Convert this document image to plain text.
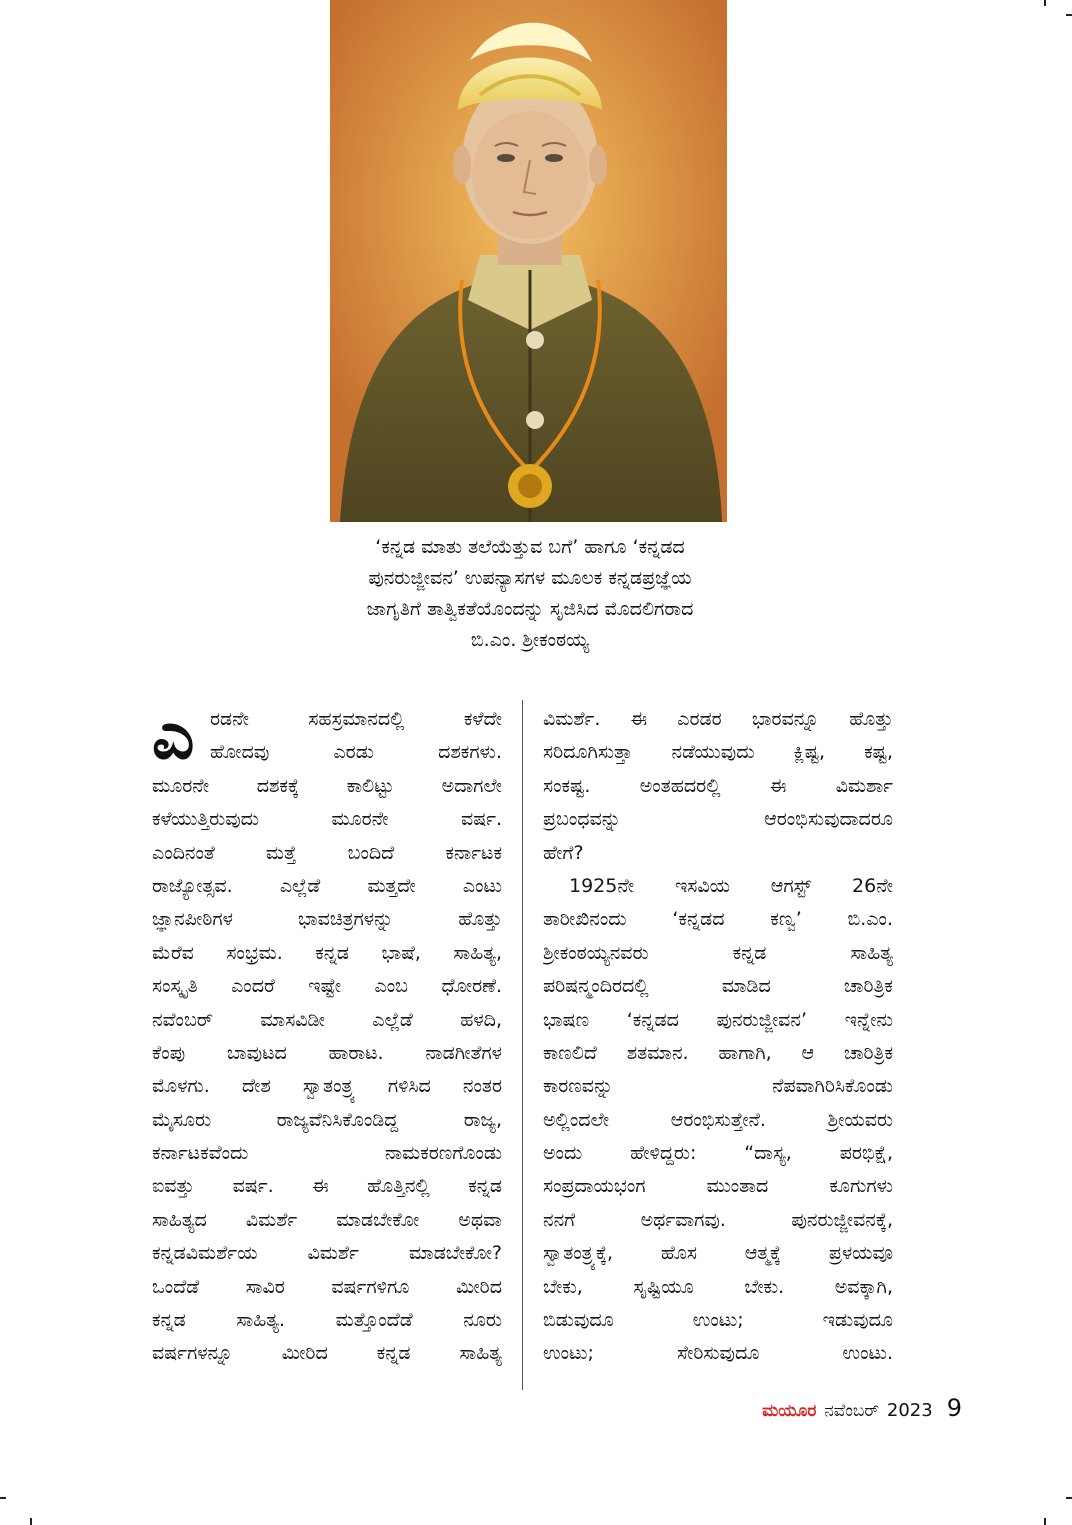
‘ಕನ್ನಡ ಮಾತು ತಲೆಯೆತ್ತುವ ಬಗೆ’ ಹಾಗೂ ‘ಕನ್ನಡದ
ಪುನರುಜ್ಜೀವನ’ ಉಪನ್ಯಾಸಗಳ ಮೂಲಕ ಕನ್ನಡಪ್ರಜ್ಞೆಯ
ಜಾಗೃತಿಗೆ ತಾತ್ವಿಕತೆಯೊಂದನ್ನು ಸೃಜಿಸಿದ ಮೊದಲಿಗರಾದ
ಬಿ.ಎಂ. ಶ್ರೀಕಂಠಯ್ಯ
ಎ ರಡನೇ ಸಹಸ್ರಮಾನದಲ್ಲಿ ಕಳೆದೇ
ಹೋದವು ಎರಡು ದಶಕಗಳು.
ಮೂರನೇ ದಶಕಕ್ಕೆ ಕಾಲಿಟ್ಟು ಅದಾಗಲೇ
ಕಳೆಯುತ್ತಿರುವುದು ಮೂರನೇ ವರ್ಷ.
ಎಂದಿನಂತೆ ಮತ್ತೆ ಬಂದಿದೆ ಕರ್ನಾಟಕ
ರಾಜ್ಯೋತ್ಸವ. ಎಲ್ಲೆಡೆ ಮತ್ತದೇ ಎಂಟು
ಜ್ಞಾನಪೀಠಿಗಳ ಭಾವಚಿತ್ರಗಳನ್ನು ಹೊತ್ತು
ಮೆರೆವ ಸಂಭ್ರಮ. ಕನ್ನಡ ಭಾಷೆ, ಸಾಹಿತ್ಯ,
ಸಂಸ್ಕೃತಿ ಎಂದರೆ ಇಷ್ಟೇ ಎಂಬ ಧೋರಣೆ.
ನವೆಂಬರ್ ಮಾಸವಿಡೀ ಎಲ್ಲೆಡೆ ಹಳದಿ,
ಕೆಂಪು ಬಾವುಟದ ಹಾರಾಟ. ನಾಡಗೀತೆಗಳ
ಮೊಳಗು. ದೇಶ ಸ್ವಾತಂತ್ರ್ಯ ಗಳಿಸಿದ ನಂತರ
ಮೈಸೂರು ರಾಜ್ಯವೆನಿಸಿಕೊಂಡಿದ್ದ ರಾಜ್ಯ,
ಕರ್ನಾಟಕವೆಂದು ನಾಮಕರಣಗೊಂಡು
ಐವತ್ತು ವರ್ಷ. ಈ ಹೊತ್ತಿನಲ್ಲಿ ಕನ್ನಡ
ಸಾಹಿತ್ಯದ ವಿಮರ್ಶೆ ಮಾಡಬೇಕೋ ಅಥವಾ
ಕನ್ನಡವಿಮರ್ಶೆಯ ವಿಮರ್ಶೆ ಮಾಡಬೇಕೋ?
ಒಂದೆಡೆ ಸಾವಿರ ವರ್ಷಗಳಿಗೂ ಮೀರಿದ
ಕನ್ನಡ ಸಾಹಿತ್ಯ. ಮತ್ತೊಂದೆಡೆ ನೂರು
ವರ್ಷಗಳನ್ನೂ ಮೀರಿದ ಕನ್ನಡ ಸಾಹಿತ್ಯ
ವಿಮರ್ಶೆ. ಈ ಎರಡರ ಭಾರವನ್ನೂ ಹೊತ್ತು
ಸರಿದೂಗಿಸುತ್ತಾ ನಡೆಯುವುದು ಕ್ಲಿಷ್ಟ, ಕಷ್ಟ,
ಸಂಕಷ್ಟ. ಅಂತಹದರಲ್ಲಿ ಈ ವಿಮರ್ಶಾ
ಪ್ರಬಂಧವನ್ನು ಆರಂಭಿಸುವುದಾದರೂ
ಹೇಗೆ?
1925ನೇ ಇಸವಿಯ ಆಗಸ್ಟ್ 26ನೇ
ತಾರೀಖಿನಂದು ‘ಕನ್ನಡದ ಕಣ್ವ’ ಬಿ.ಎಂ.
ಶ್ರೀಕಂಠಯ್ಯನವರು ಕನ್ನಡ ಸಾಹಿತ್ಯ
ಪರಿಷನ್ಮಂದಿರದಲ್ಲಿ ಮಾಡಿದ ಚಾರಿತ್ರಿಕ
ಭಾಷಣ ‘ಕನ್ನಡದ ಪುನರುಜ್ಜೀವನ’ ಇನ್ನೇನು
ಕಾಣಲಿದೆ ಶತಮಾನ. ಹಾಗಾಗಿ, ಆ ಚಾರಿತ್ರಿಕ
ಕಾರಣವನ್ನು ನೆಪವಾಗಿರಿಸಿಕೊಂಡು
ಅಲ್ಲಿಂದಲೇ ಆರಂಭಿಸುತ್ತೇನೆ. ಶ್ರೀಯವರು
ಅಂದು ಹೇಳಿದ್ದರು: “ದಾಸ್ಯ, ಪರಭಿಕ್ಷೆ,
ಸಂಪ್ರದಾಯಭಂಗ ಮುಂತಾದ ಕೂಗುಗಳು
ನನಗೆ ಅರ್ಥವಾಗವು. ಪುನರುಜ್ಜೀವನಕ್ಕೆ,
ಸ್ವಾತಂತ್ರ್ಯಕ್ಕೆ, ಹೊಸ ಆತ್ಮಕ್ಕೆ ಪ್ರಳಯವೂ
ಬೇಕು, ಸೃಷ್ಟಿಯೂ ಬೇಕು. ಅವಕ್ಕಾಗಿ,
ಬಿಡುವುದೂ ಉಂಟು; ಇಡುವುದೂ
ಉಂಟು; ಸೇರಿಸುವುದೂ ಉಂಟು.
ಮಯೂರ ನವೆಂಬರ್ 2023 9
